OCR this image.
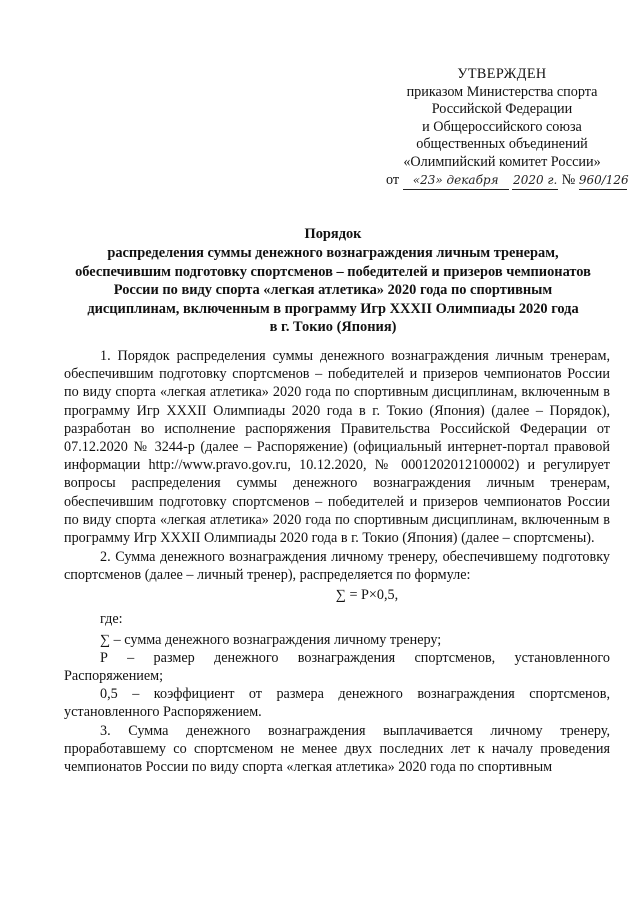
УТВЕРЖДЕН
приказом Министерства спорта
Российской Федерации
и Общероссийского союза
общественных объединений
«Олимпийский комитет России»
от «23» декабря 2020 г. № 960/126
Порядок
распределения суммы денежного вознаграждения личным тренерам,
обеспечившим подготовку спортсменов – победителей и призеров чемпионатов
России по виду спорта «легкая атлетика» 2020 года по спортивным
дисциплинам, включенным в программу Игр XXXII Олимпиады 2020 года
в г. Токио (Япония)

1. Порядок распределения суммы денежного вознаграждения личным тренерам, обеспечившим подготовку спортсменов – победителей и призеров чемпионатов России по виду спорта «легкая атлетика» 2020 года по спортивным дисциплинам, включенным в программу Игр XXXII Олимпиады 2020 года в г. Токио (Япония) (далее – Порядок), разработан во исполнение распоряжения Правительства Российской Федерации от 07.12.2020 № 3244-р (далее – Распоряжение) (официальный интернет-портал правовой информации http://www.pravo.gov.ru, 10.12.2020, № 0001202012100002) и регулирует вопросы распределения суммы денежного вознаграждения личным тренерам, обеспечившим подготовку спортсменов – победителей и призеров чемпионатов России по виду спорта «легкая атлетика» 2020 года по спортивным дисциплинам, включенным в программу Игр XXXII Олимпиады 2020 года в г. Токио (Япония) (далее – спортсмены).

2. Сумма денежного вознаграждения личному тренеру, обеспечившему подготовку спортсменов (далее – личный тренер), распределяется по формуле:

∑ = Р×0,5,
где:

∑ – сумма денежного вознаграждения личному тренеру;

Р – размер денежного вознаграждения спортсменов, установленного Распоряжением;

0,5 – коэффициент от размера денежного вознаграждения спортсменов, установленного Распоряжением.

3. Сумма денежного вознаграждения выплачивается личному тренеру, проработавшему со спортсменом не менее двух последних лет к началу проведения чемпионатов России по виду спорта «легкая атлетика» 2020 года по спортивным
